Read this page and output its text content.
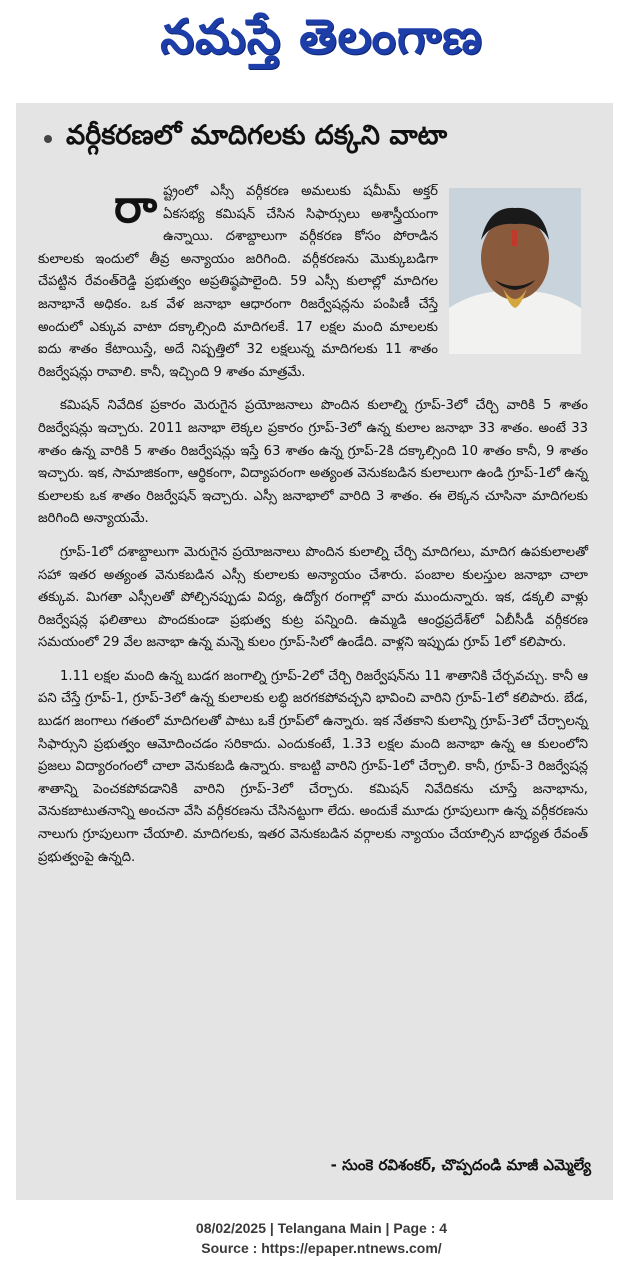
నమస్తే తెలంగాణ
వర్గీకరణలో మాదిగలకు దక్కని వాటా
రా ష్ట్రంలో ఎస్సీ వర్గీకరణ అమలుకు షమీమ్ అక్తర్ ఏకసభ్య కమిషన్ చేసిన సిఫార్సులు అశాస్త్రీయంగా ఉన్నాయి. దశాబ్దాలుగా వర్గీకరణ కోసం పోరాడిన కులాలకు ఇందులో తీవ్ర అన్యాయం జరిగింది. వర్గీకరణను మొక్కుబడిగా చేపట్టిన రేవంత్‌రెడ్డి ప్రభుత్వం అప్రతిష్ఠపాలైంది. 59 ఎస్సీ కులాల్లో మాదిగల జనాభానే అధికం. ఒక వేళ జనాభా ఆధారంగా రిజర్వేషన్లను పంపిణీ చేస్తే అందులో ఎక్కువ వాటా దక్కాల్సింది మాదిగలకే. 17 లక్షల మంది మాలలకు ఐదు శాతం కేటాయిస్తే, అదే నిష్పత్తిలో 32 లక్షలున్న మాదిగలకు 11 శాతం రిజర్వేషన్లు రావాలి. కానీ, ఇచ్చింది 9 శాతం మాత్రమే.

కమిషన్ నివేదిక ప్రకారం మెరుగైన ప్రయోజనాలు పొందిన కులాల్ని గ్రూప్-3లో చేర్చి వారికి 5 శాతం రిజర్వేషన్లు ఇచ్చారు. 2011 జనాభా లెక్కల ప్రకారం గ్రూప్-3లో ఉన్న కులాల జనాభా 33 శాతం. అంటే 33 శాతం ఉన్న వారికి 5 శాతం రిజర్వేషన్లు ఇస్తే 63 శాతం ఉన్న గ్రూప్-2కి దక్కాల్సింది 10 శాతం కానీ, 9 శాతం ఇచ్చారు. ఇక, సామాజికంగా, ఆర్థికంగా, విద్యాపరంగా అత్యంత వెనుకబడిన కులాలుగా ఉండి గ్రూప్-1లో ఉన్న కులాలకు ఒక శాతం రిజర్వేషన్ ఇచ్చారు. ఎస్సీ జనాభాలో వారిది 3 శాతం. ఈ లెక్కన చూసినా మాదిగలకు జరిగింది అన్యాయమే.

గ్రూప్-1లో దశాబ్దాలుగా మెరుగైన ప్రయోజనాలు పొందిన కులాల్ని చేర్చి మాదిగలు, మాదిగ ఉపకులాలతో సహా ఇతర అత్యంత వెనుకబడిన ఎస్సీ కులాలకు అన్యాయం చేశారు. పంబాల కులస్తుల జనాభా చాలా తక్కువ. మిగతా ఎస్సీలతో పోల్చినప్పుడు విద్య, ఉద్యోగ రంగాల్లో వారు ముందున్నారు. ఇక, డక్కలి వాళ్లు రిజర్వేషన్ల ఫలితాలు పొందకుండా ప్రభుత్వ కుట్ర పన్నింది. ఉమ్మడి ఆంధ్రప్రదేశ్‌లో ఏబీసీడీ వర్గీకరణ సమయంలో 29 వేల జనాభా ఉన్న మన్నె కులం గ్రూప్-సిలో ఉండేది. వాళ్లని ఇప్పుడు గ్రూప్ 1లో కలిపారు.

1.11 లక్షల మంది ఉన్న బుడగ జంగాల్ని గ్రూప్-2లో చేర్చి రిజర్వేషన్‌ను 11 శాతానికి చేర్చవచ్చు. కానీ ఆ పని చేస్తే గ్రూప్-1, గ్రూప్-3లో ఉన్న కులాలకు లబ్ధి జరగకపోవచ్చని భావించి వారిని గ్రూప్-1లో కలిపారు. బేడ, బుడగ జంగాలు గతంలో మాదిగలతో పాటు ఒకే గ్రూప్‌లో ఉన్నారు. ఇక నేతకాని కులాన్ని గ్రూప్-3లో చేర్చాలన్న సిఫార్సుని ప్రభుత్వం ఆమోదించడం సరికాదు. ఎందుకంటే, 1.33 లక్షల మంది జనాభా ఉన్న ఆ కులంలోని ప్రజలు విద్యారంగంలో చాలా వెనుకబడి ఉన్నారు. కాబట్టి వారిని గ్రూప్-1లో చేర్చాలి. కానీ, గ్రూప్-3 రిజర్వేషన్ల శాతాన్ని పెంచకపోవడానికి వారిని గ్రూప్-3లో చేర్చారు. కమిషన్ నివేదికను చూస్తే జనాభాను, వెనుకబాటుతనాన్ని అంచనా వేసి వర్గీకరణను చేసినట్టుగా లేదు. అందుకే మూడు గ్రూపులుగా ఉన్న వర్గీకరణను నాలుగు గ్రూపులుగా చేయాలి. మాదిగలకు, ఇతర వెనుకబడిన వర్గాలకు న్యాయం చేయాల్సిన బాధ్యత రేవంత్ ప్రభుత్వంపై ఉన్నది.

- సుంకె రవిశంకర్, చొప్పదండి మాజీ ఎమ్మెల్యే
08/02/2025 | Telangana Main | Page : 4
Source : https://epaper.ntnews.com/
